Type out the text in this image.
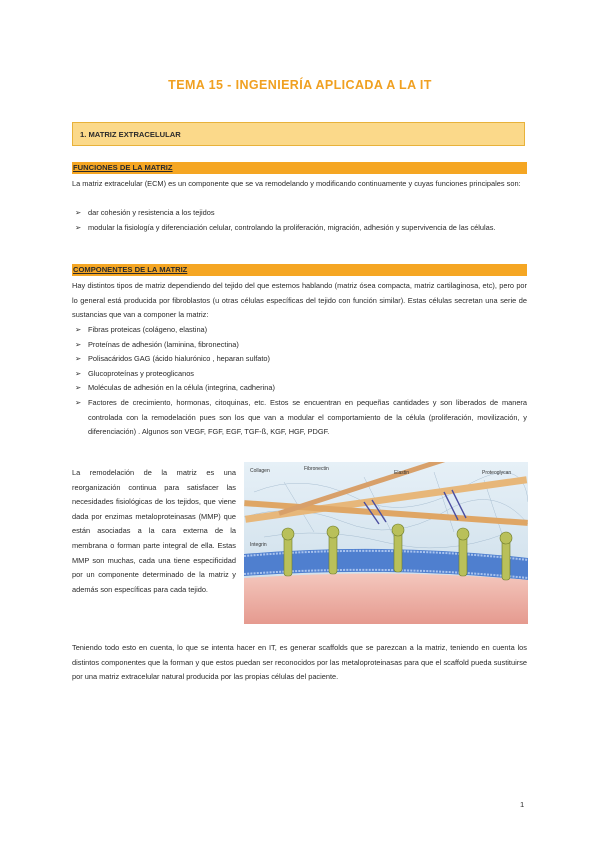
TEMA 15 - INGENIERÍA APLICADA A LA IT
1. MATRIZ EXTRACELULAR
FUNCIONES DE LA MATRIZ

La matriz extracelular (ECM) es un componente que se va remodelando y modificando continuamente y cuyas funciones principales son:

➢ dar cohesión y resistencia a los tejidos
➢ modular la fisiología y diferenciación celular, controlando la proliferación, migración, adhesión y supervivencia de las células.
COMPONENTES DE LA MATRIZ

Hay distintos tipos de matriz dependiendo del tejido del que estemos hablando (matriz ósea compacta, matriz cartilaginosa, etc), pero por lo general está producida por fibroblastos (u otras células específicas del tejido con función similar). Estas células secretan una serie de sustancias que van a componer la matriz:

➢ Fibras proteicas (colágeno, elastina)
➢ Proteínas de adhesión (laminina, fibronectina)
➢ Polisacáridos GAG (ácido hialurónico , heparan sulfato)
➢ Glucoproteínas y proteoglicanos
➢ Moléculas de adhesión en la célula (integrina, cadherina)
➢ Factores de crecimiento, hormonas, citoquinas, etc. Estos se encuentran en pequeñas cantidades y son liberados de manera controlada con la remodelación pues son los que van a modular el comportamiento de la célula (proliferación, movilización, y diferenciación) . Algunos son VEGF, FGF, EGF, TGF-ß, KGF, HGF, PDGF.

La remodelación de la matriz es una reorganización continua para satisfacer las necesidades fisiológicas de los tejidos, que viene dada por enzimas metaloproteinasas (MMP) que están asociadas a la cara externa de la membrana o forman parte integral de ella. Estas MMP son muchas, cada una tiene especificidad por un componente determinado de la matriz y además son específicas para cada tejido.

Collagen	Fibronectin
Elastin	Proteoglycan
Integrin

Teniendo todo esto en cuenta, lo que se intenta hacer en IT, es generar scaffolds que se parezcan a la matriz, teniendo en cuenta los distintos componentes que la forman y que estos puedan ser reconocidos por las metaloproteinasas para que el scaffold pueda sustituirse por una matriz extracelular natural producida por las propias células del paciente.

1
